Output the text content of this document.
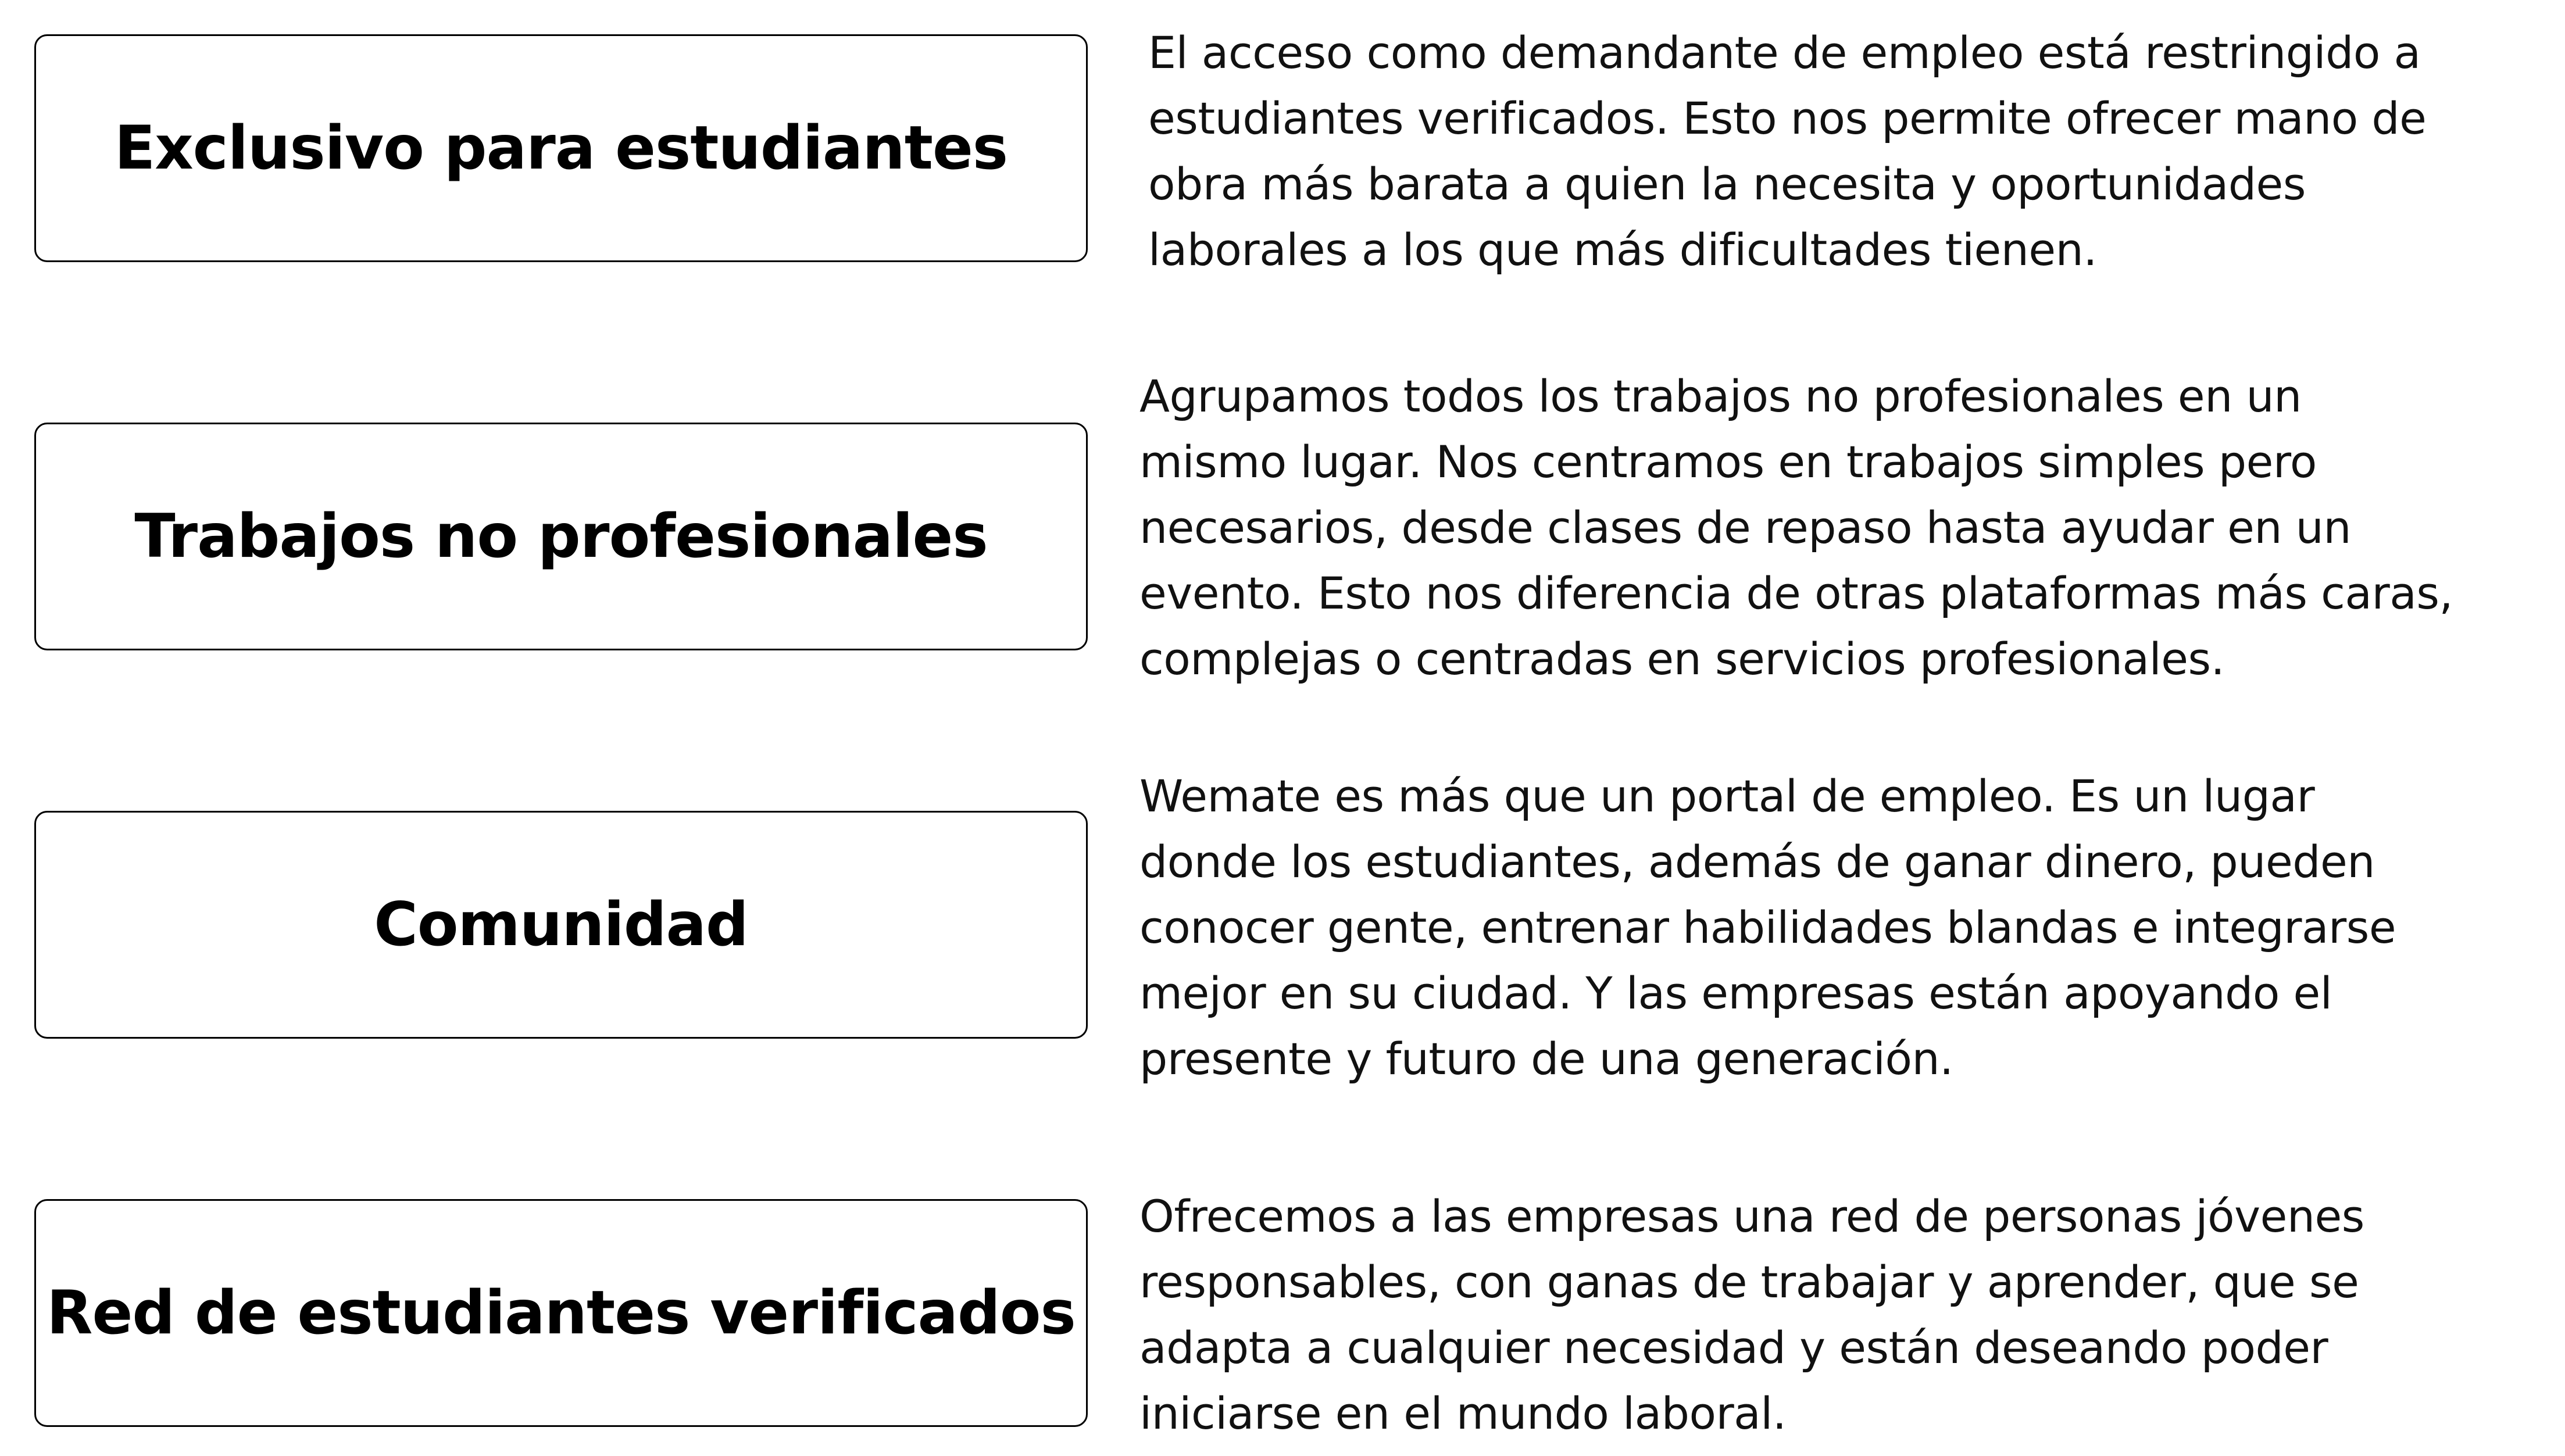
Exclusivo para estudiantes

El acceso como demandante de empleo está restringido a
estudiantes verificados. Esto nos permite ofrecer mano de
obra más barata a quien la necesita y oportunidades
laborales a los que más dificultades tienen.

Trabajos no profesionales

Agrupamos todos los trabajos no profesionales en un
mismo lugar. Nos centramos en trabajos simples pero
necesarios, desde clases de repaso hasta ayudar en un
evento. Esto nos diferencia de otras plataformas más caras,
complejas o centradas en servicios profesionales.

Comunidad

Wemate es más que un portal de empleo. Es un lugar
donde los estudiantes, además de ganar dinero, pueden
conocer gente, entrenar habilidades blandas e integrarse
mejor en su ciudad. Y las empresas están apoyando el
presente y futuro de una generación.

Red de estudiantes verificados

Ofrecemos a las empresas una red de personas jóvenes
responsables, con ganas de trabajar y aprender, que se
adapta a cualquier necesidad y están deseando poder
iniciarse en el mundo laboral.
